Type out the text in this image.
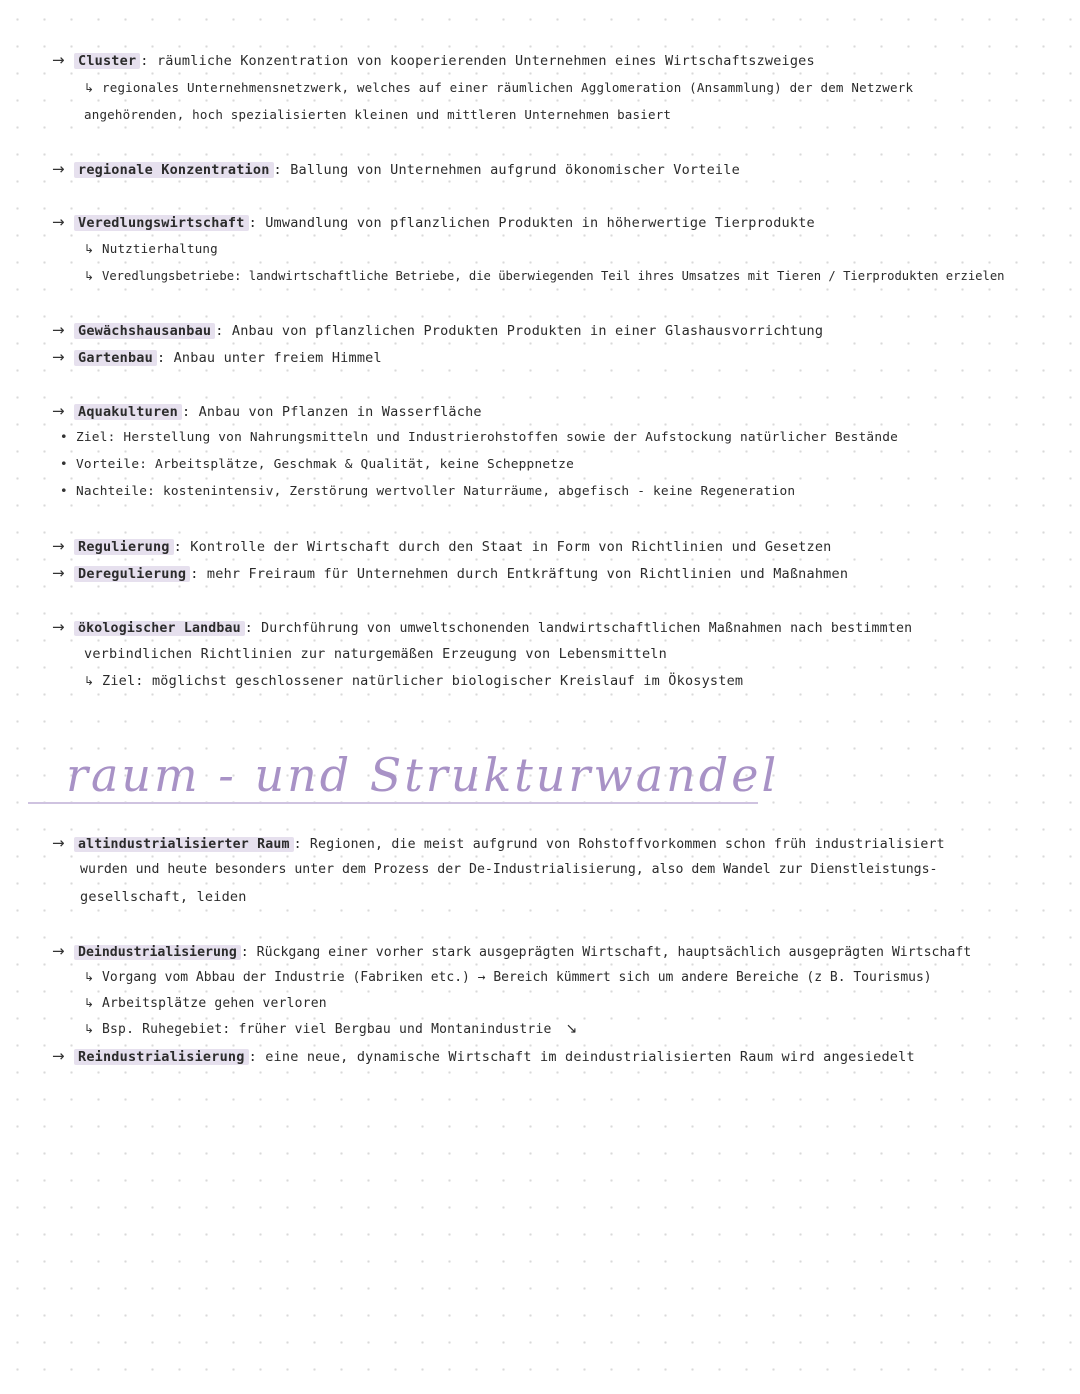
→ Cluster : räumliche Konzentration von kooperierenden Unternehmen eines Wirtschaftszweiges
↳ regionales Unternehmensnetzwerk, welches auf einer räumlichen Agglomeration (Ansammlung) der dem Netzwerk
angehörenden, hoch spezialisierten kleinen und mittleren Unternehmen basiert
→ regionale Konzentration : Ballung von Unternehmen aufgrund ökonomischer Vorteile
→ Veredlungswirtschaft : Umwandlung von pflanzlichen Produkten in höherwertige Tierprodukte
↳ Nutztierhaltung
↳ Veredlungsbetriebe: landwirtschaftliche Betriebe, die überwiegenden Teil ihres Umsatzes mit Tieren / Tierprodukten erzielen
→ Gewächshausanbau : Anbau von pflanzlichen Produkten Produkten in einer Glashausvorrichtung
→ Gartenbau : Anbau unter freiem Himmel
→ Aquakulturen : Anbau von Pflanzen in Wasserfläche
• Ziel: Herstellung von Nahrungsmitteln und Industrierohstoffen sowie der Aufstockung natürlicher Bestände
• Vorteile: Arbeitsplätze, Geschmak & Qualität, keine Scheppnetze
• Nachteile: kostenintensiv, Zerstörung wertvoller Naturräume, abgefisch - keine Regeneration
→ Regulierung : Kontrolle der Wirtschaft durch den Staat in Form von Richtlinien und Gesetzen
→ Deregulierung : mehr Freiraum für Unternehmen durch Entkräftung von Richtlinien und Maßnahmen
→ ökologischer Landbau : Durchführung von umweltschonenden landwirtschaftlichen Maßnahmen nach bestimmten
verbindlichen Richtlinien zur naturgemäßen Erzeugung von Lebensmitteln
↳ Ziel: möglichst geschlossener natürlicher biologischer Kreislauf im Ökosystem
raum - und Strukturwandel
→ altindustrialisierter Raum : Regionen, die meist aufgrund von Rohstoffvorkommen schon früh industrialisiert
wurden und heute besonders unter dem Prozess der De-Industrialisierung, also dem Wandel zur Dienstleistungs-
gesellschaft, leiden
→ Deindustrialisierung : Rückgang einer vorher stark ausgeprägten Wirtschaft, hauptsächlich ausgeprägten Wirtschaft
↳ Vorgang vom Abbau der Industrie (Fabriken etc.) → Bereich kümmert sich um andere Bereiche (z B. Tourismus)
↳ Arbeitsplätze gehen verloren
↳ Bsp. Ruhegebiet: früher viel Bergbau und Montanindustrie ↘
→ Reindustrialisierung : eine neue, dynamische Wirtschaft im deindustrialisierten Raum wird angesiedelt
